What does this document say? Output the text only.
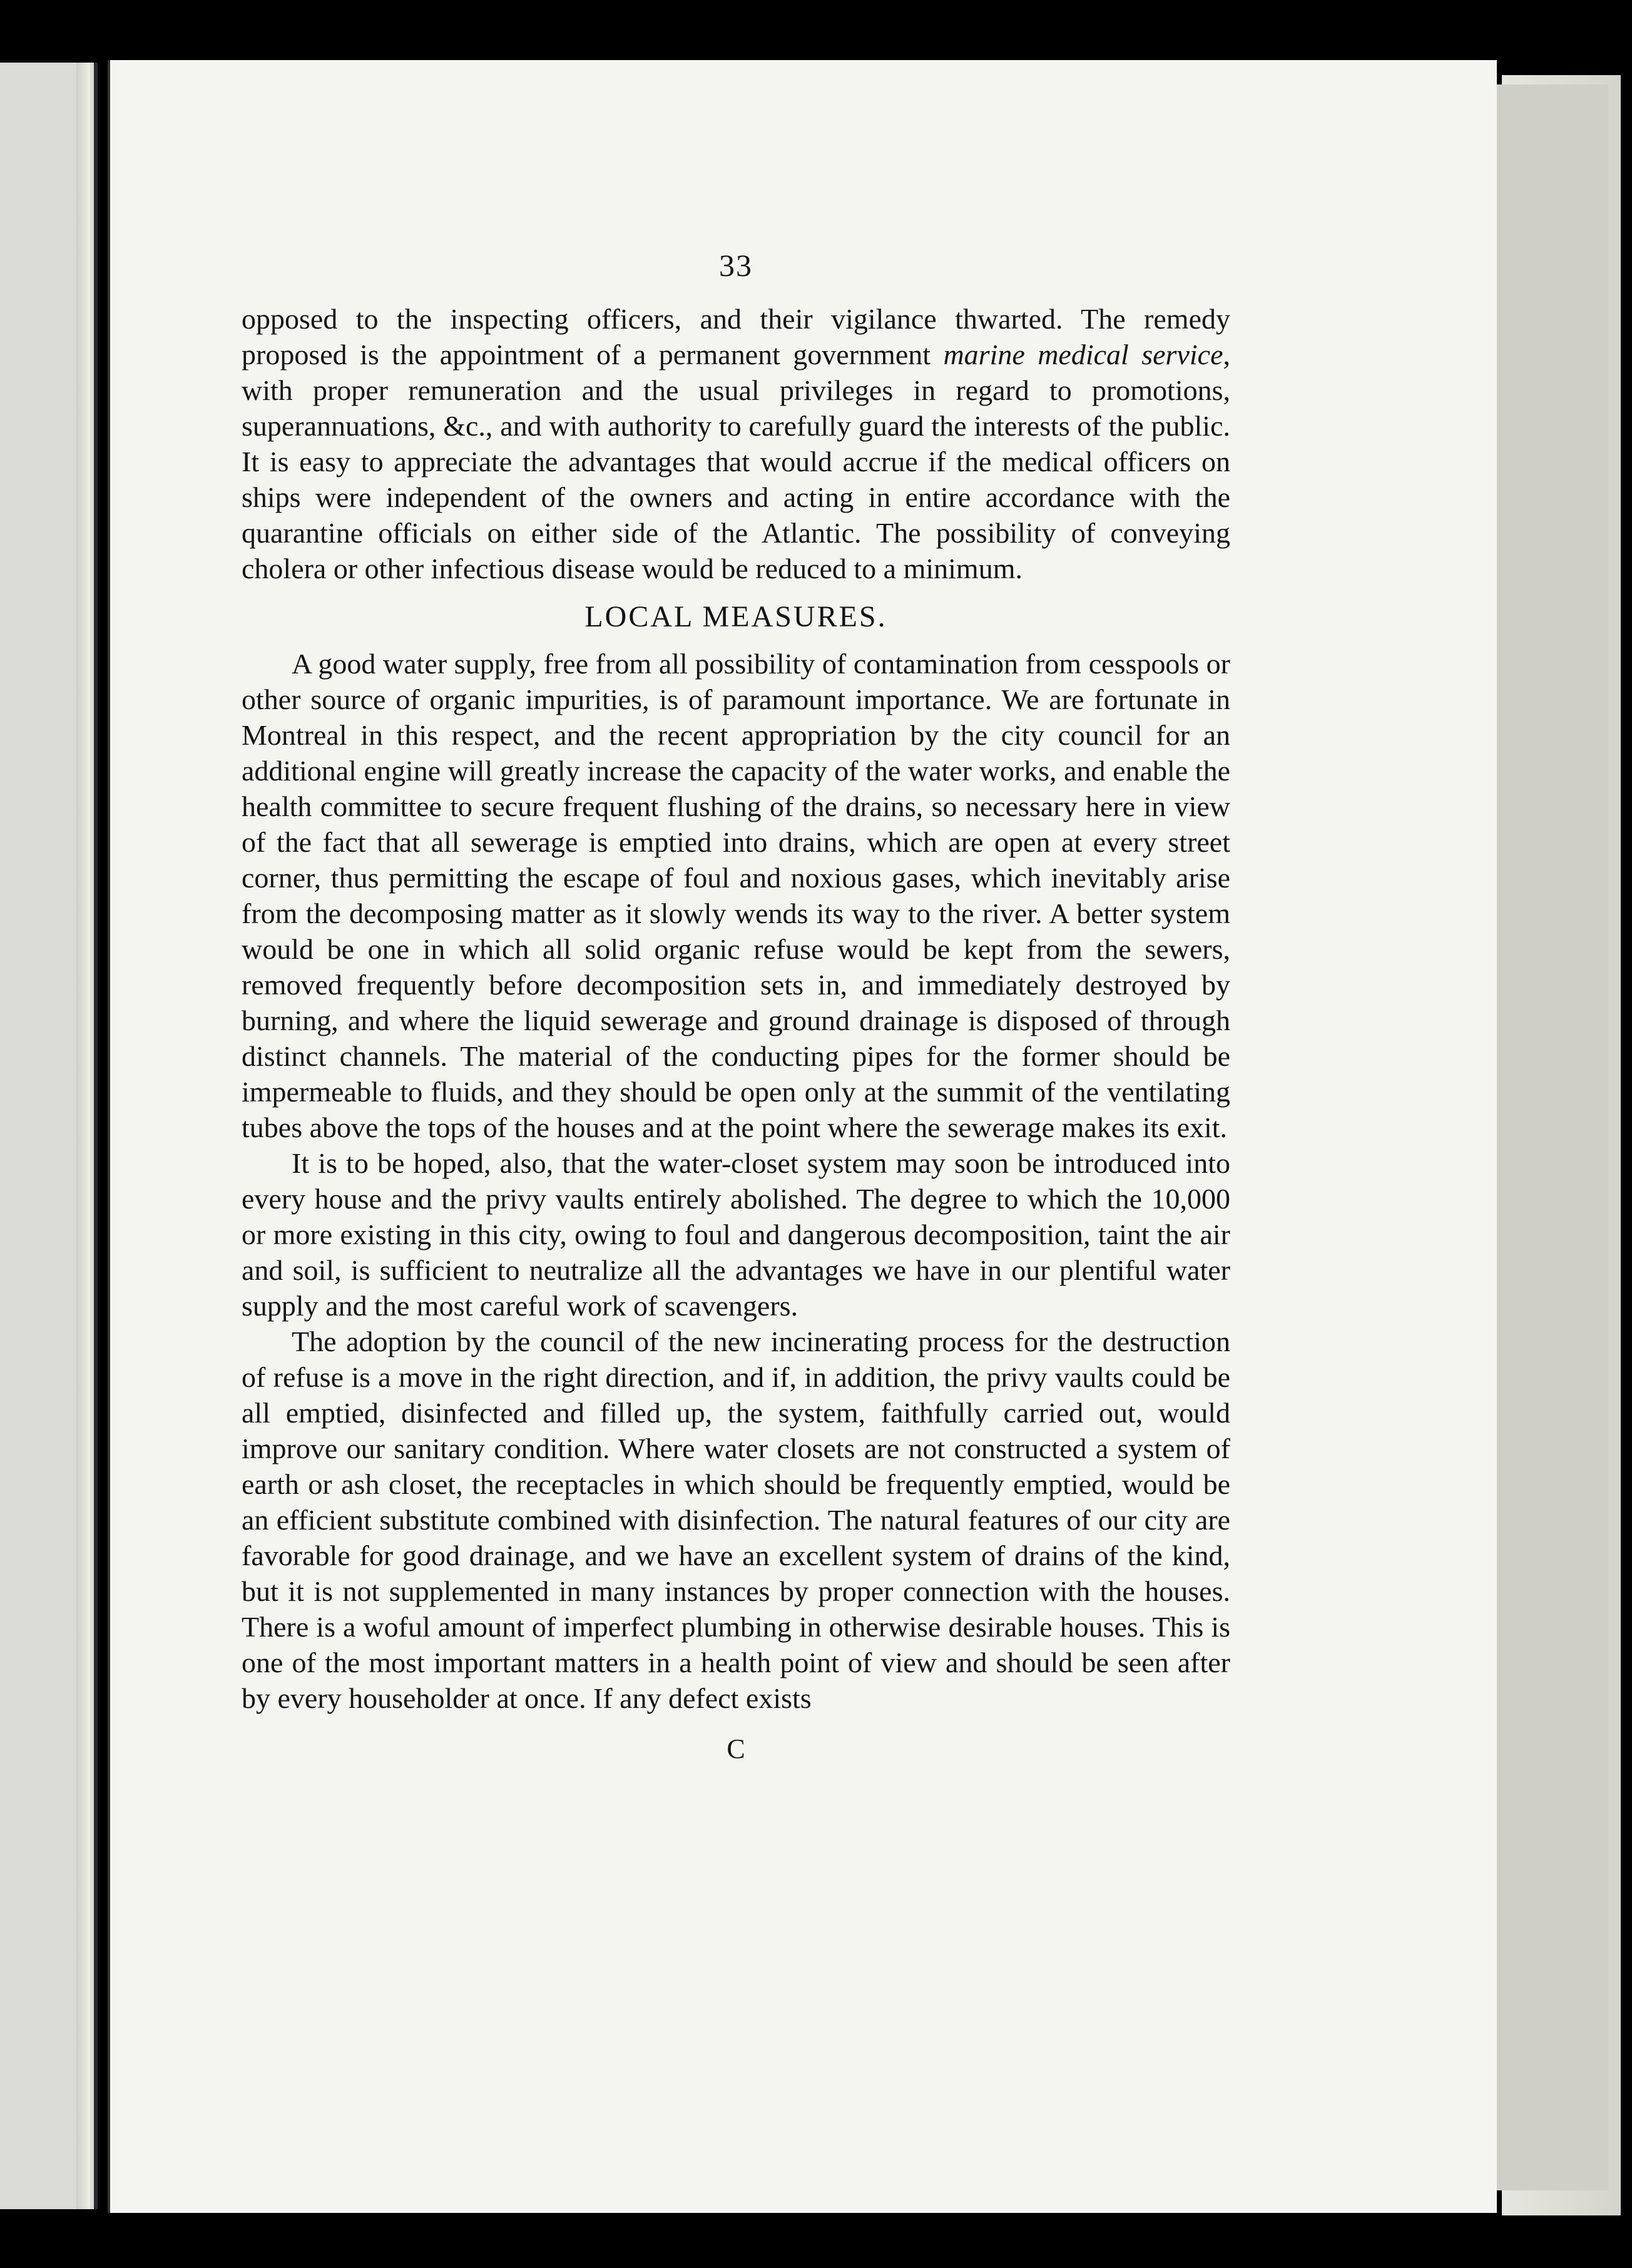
33

opposed to the inspecting officers, and their vigilance thwarted. The remedy proposed is the appointment of a permanent government marine medical service, with proper remuneration and the usual privileges in regard to promotions, superannuations, &c., and with authority to carefully guard the interests of the public. It is easy to appreciate the advantages that would accrue if the medical officers on ships were independent of the owners and acting in entire accordance with the quarantine officials on either side of the Atlantic. The possibility of conveying cholera or other infectious disease would be reduced to a minimum.

LOCAL MEASURES.

A good water supply, free from all possibility of contamination from cesspools or other source of organic impurities, is of paramount importance. We are fortunate in Montreal in this respect, and the recent appropriation by the city council for an additional engine will greatly increase the capacity of the water works, and enable the health committee to secure frequent flushing of the drains, so necessary here in view of the fact that all sewerage is emptied into drains, which are open at every street corner, thus permitting the escape of foul and noxious gases, which inevitably arise from the decomposing matter as it slowly wends its way to the river. A better system would be one in which all solid organic refuse would be kept from the sewers, removed frequently before decomposition sets in, and immediately destroyed by burning, and where the liquid sewerage and ground drainage is disposed of through distinct channels. The material of the conducting pipes for the former should be impermeable to fluids, and they should be open only at the summit of the ventilating tubes above the tops of the houses and at the point where the sewerage makes its exit.

It is to be hoped, also, that the water-closet system may soon be introduced into every house and the privy vaults entirely abolished. The degree to which the 10,000 or more existing in this city, owing to foul and dangerous decomposition, taint the air and soil, is sufficient to neutralize all the advantages we have in our plentiful water supply and the most careful work of scavengers.

The adoption by the council of the new incinerating process for the destruction of refuse is a move in the right direction, and if, in addition, the privy vaults could be all emptied, disinfected and filled up, the system, faithfully carried out, would improve our sanitary condition. Where water closets are not constructed a system of earth or ash closet, the receptacles in which should be frequently emptied, would be an efficient substitute combined with disinfection. The natural features of our city are favorable for good drainage, and we have an excellent system of drains of the kind, but it is not supplemented in many instances by proper connection with the houses. There is a woful amount of imperfect plumbing in otherwise desirable houses. This is one of the most important matters in a health point of view and should be seen after by every householder at once. If any defect exists

C
